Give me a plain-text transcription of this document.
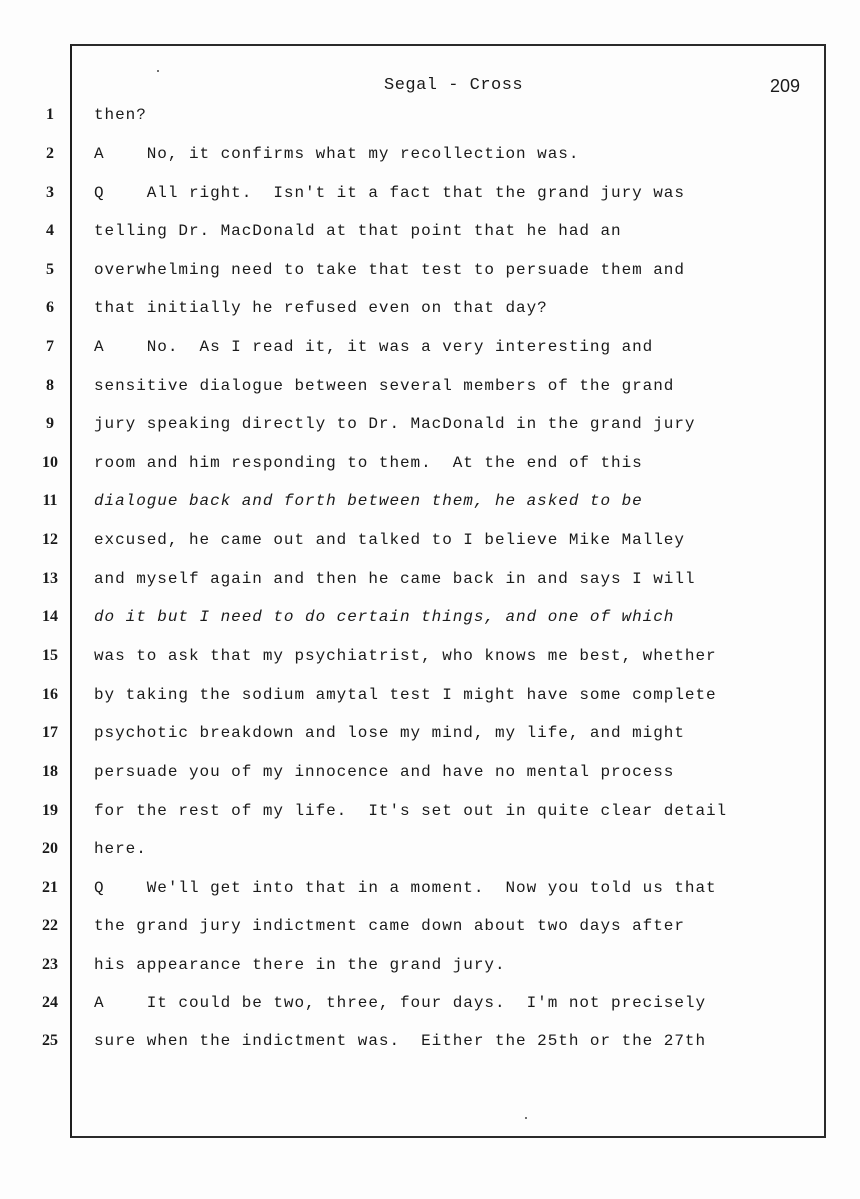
Segal - Cross	209
1	then?
2	A    No, it confirms what my recollection was.
3	Q    All right.  Isn't it a fact that the grand jury was
4	telling Dr. MacDonald at that point that he had an
5	overwhelming need to take that test to persuade them and
6	that initially he refused even on that day?
7	A    No.  As I read it, it was a very interesting and
8	sensitive dialogue between several members of the grand
9	jury speaking directly to Dr. MacDonald in the grand jury
10	room and him responding to them.  At the end of this
11	dialogue back and forth between them, he asked to be
12	excused, he came out and talked to I believe Mike Malley
13	and myself again and then he came back in and says I will
14	do it but I need to do certain things, and one of which
15	was to ask that my psychiatrist, who knows me best, whether
16	by taking the sodium amytal test I might have some complete
17	psychotic breakdown and lose my mind, my life, and might
18	persuade you of my innocence and have no mental process
19	for the rest of my life.  It's set out in quite clear detail
20	here.
21	Q    We'll get into that in a moment.  Now you told us that
22	the grand jury indictment came down about two days after
23	his appearance there in the grand jury.
24	A    It could be two, three, four days.  I'm not precisely
25	sure when the indictment was.  Either the 25th or the 27th
